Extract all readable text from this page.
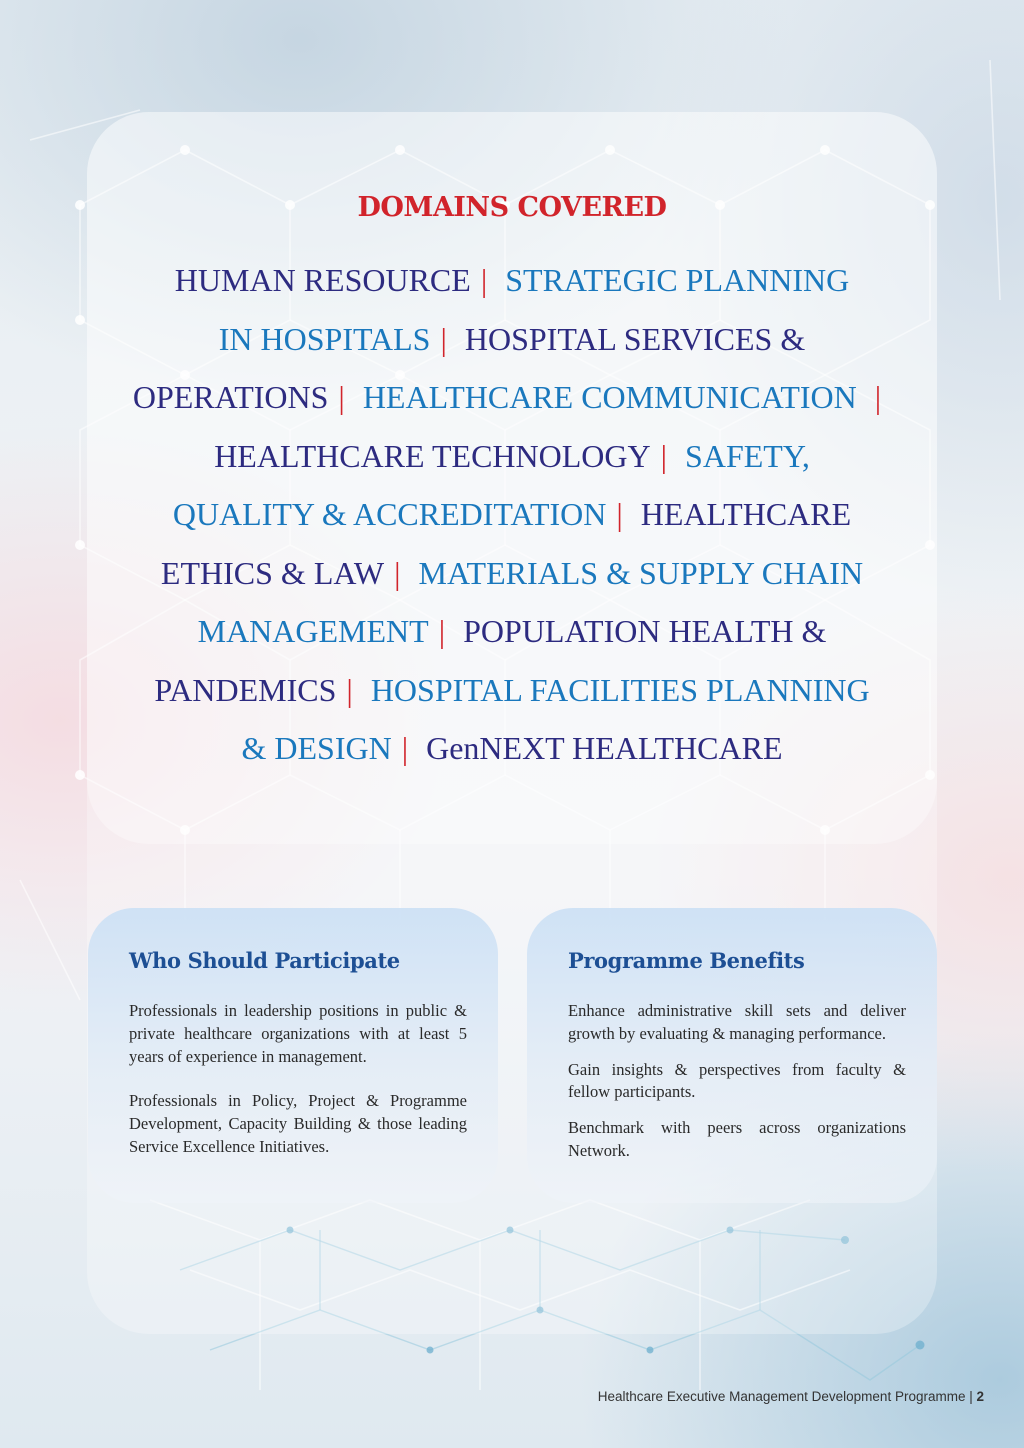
DOMAINS COVERED

HUMAN RESOURCE | STRATEGIC PLANNING IN HOSPITALS | HOSPITAL SERVICES & OPERATIONS | HEALTHCARE COMMUNICATION | HEALTHCARE TECHNOLOGY | SAFETY, QUALITY & ACCREDITATION | HEALTHCARE ETHICS & LAW | MATERIALS & SUPPLY CHAIN MANAGEMENT | POPULATION HEALTH & PANDEMICS | HOSPITAL FACILITIES PLANNING & DESIGN | GenNEXT HEALTHCARE

Who Should Participate

Professionals in leadership positions in public & private healthcare organizations with at least 5 years of experience in management.

Professionals in Policy, Project & Programme Development, Capacity Building & those leading Service Excellence Initiatives.

Programme Benefits

Enhance administrative skill sets and deliver growth by evaluating & managing performance.

Gain insights & perspectives from faculty & fellow participants.

Benchmark with peers across organizations Network.

Healthcare Executive Management Development Programme | 2
